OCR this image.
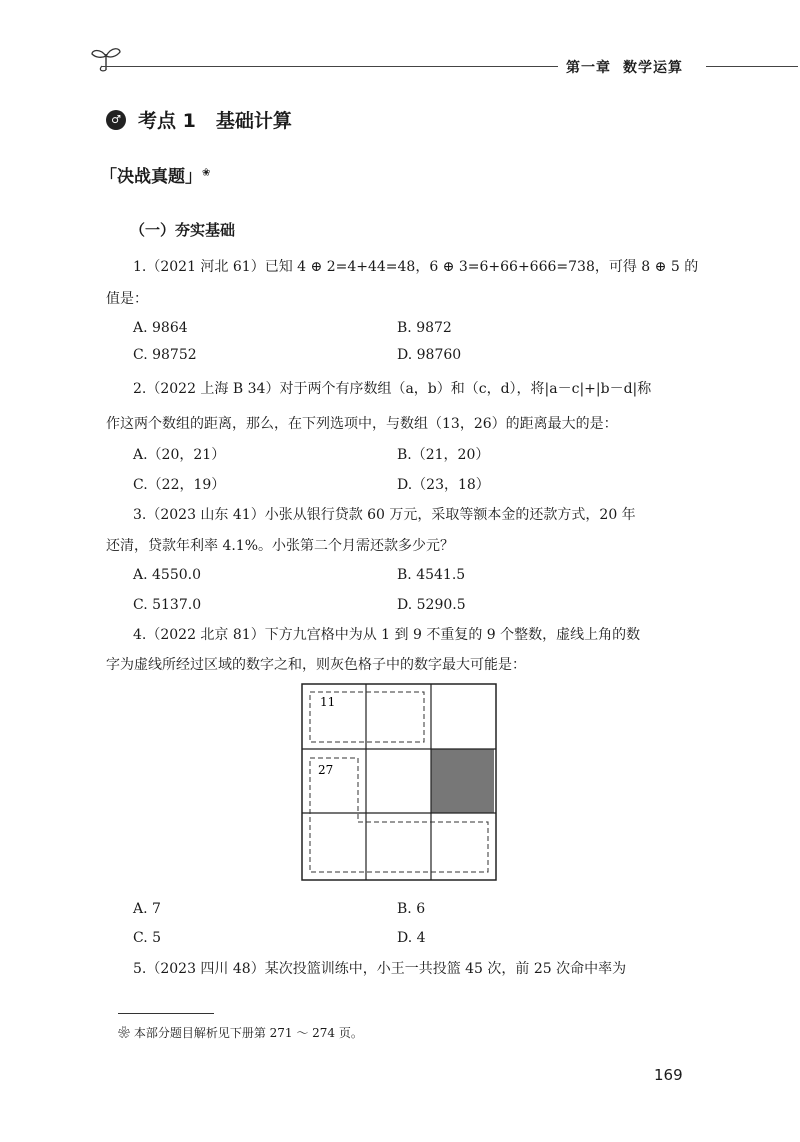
第一章 数学运算
♂ 考点 1 基础计算
「决战真题」❀
（一）夯实基础
1.（2021 河北 61）已知 4 ⊕ 2=4+44=48，6 ⊕ 3=6+66+666=738，可得 8 ⊕ 5 的
值是：
A. 9864	B. 9872
C. 98752	D. 98760
2.（2022 上海 B 34）对于两个有序数组（a，b）和（c，d），将|a－c|+|b－d|称
作这两个数组的距离，那么，在下列选项中，与数组（13，26）的距离最大的是：
A.（20，21）	B.（21，20）
C.（22，19）	D.（23，18）
3.（2023 山东 41）小张从银行贷款 60 万元，采取等额本金的还款方式，20 年
还清，贷款年利率 4.1%。小张第二个月需还款多少元？
A. 4550.0	B. 4541.5
C. 5137.0	D. 5290.5
4.（2022 北京 81）下方九宫格中为从 1 到 9 不重复的 9 个整数，虚线上角的数
字为虚线所经过区域的数字之和，则灰色格子中的数字最大可能是：
11
27
A. 7	B. 6
C. 5	D. 4
5.（2023 四川 48）某次投篮训练中，小王一共投篮 45 次，前 25 次命中率为
❀ 本部分题目解析见下册第 271 ～ 274 页。
169
